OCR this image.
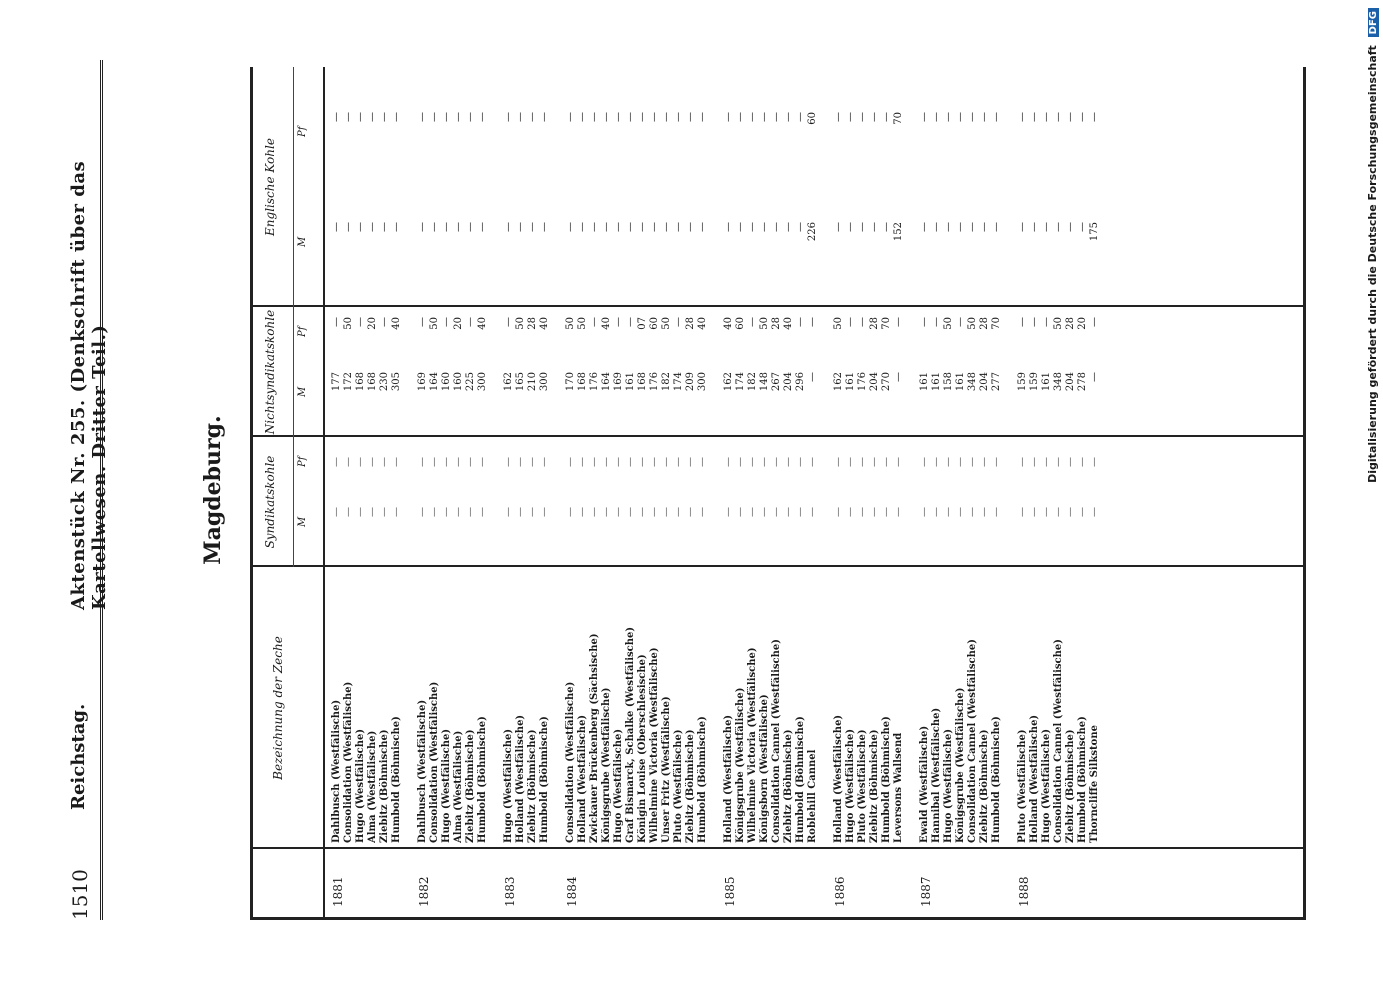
Digitalisierung gefördert durch die Deutsche Forschungsgemeinschaft DFG
1510
Reichstag.
Aktenstück Nr. 255. (Denkschrift über das Kartellwesen. Dritter Teil.)	Magdeburg.
Bezeichnung der Zeche
Syndikatskohle M
Pf
Nichtsyndikatskohle M
Pf
Englische Kohle
M
Pf
1881
Dahlbusch (Westfälische)
—
—
177
—
—
—
Consolidation (Westfälische)
—
—
172
50
—
—
Hugo (Westfälische)
—
—
168
—
—
—
Alma (Westfälische)
—
—
168
20
—
—
Ziebitz (Böhmische)
—
—
230
—
—
—
Humbold (Böhmische)
—
—
305
40
—
—
1882
Dahlbusch (Westfälische)
—
—
169
—
—
—
Consolidation (Westfälische)
—
—
164
50
—
—
Hugo (Westfälische)
—
—
160
—
—
—
Alma (Westfälische)
—
—
160
20
—
—
Ziebitz (Böhmische)
—
—
225
—
—
—
Humbold (Böhmische)
—
—
300
40
—
—
1883
Hugo (Westfälische)
—
—
162
—
—
—
Holland (Westfälische)
—
—
165
50
—
—
Ziebitz (Böhmische)
—
—
210
28
—
—
Humbold (Böhmische)
—
—
300
40
—
—
1884
Consolidation (Westfälische)
—
—
170
50
—
—
Holland (Westfälische)
—
—
168
50
—
—
Zwickauer Brückenberg (Sächsische)
—
—
176
—
—
—
Königsgrube (Westfälische)
—
—
164
40
—
—
Hugo (Westfälische)
—
—
169
—
—
—
Graf Bismarck, Schalke (Westfälische)
—
—
161
—
—
—
Königin Louise (Oberschlesische)
—
—
168
07
—
—
Wilhelmine Victoria (Westfälische)
—
—
176
60
—
—
Unser Fritz (Westfälische)
—
—
182
50
—
—
Pluto (Westfälische)
—
—
174
—
—
—
Ziebitz (Böhmische)
—
—
209
28
—
—
Humbold (Böhmische)
—
—
300
40
—
—
1885
Holland (Westfälische)
—
—
162
40
—
—
Königsgrube (Westfälische)
—
—
174
60
—
—
Wilhelmine Victoria (Westfälische)
—
—
182
—
—
—
Königsborn (Westfälische)
—
—
148
50
—
—
Consolidation Cannel (Westfälische)
—
—
267
28
—
—
Ziebitz (Böhmische)
—
—
204
40
—
—
Humbold (Böhmische)
—
—
296
—
—
—
Roblehill Cannel
—
—
—
—
226
60
1886
Holland (Westfälische)
—
—
162
50
—
—
Hugo (Westfälische)
—
—
161
—
—
—
Pluto (Westfälische)
—
—
176
—
—
—
Ziebitz (Böhmische)
—
—
204
28
—
—
Humbold (Böhmische)
—
—
270
70
—
—
Leversons Wallsend
—
—
—
—
152
70
1887
Ewald (Westfälische)
—
—
161
—
—
—
Hannibal (Westfälische)
—
—
161
—
—
—
Hugo (Westfälische)
—
—
158
50
—
—
Königsgrube (Westfälische)
—
—
161
—
—
—
Consolidation Cannel (Westfälische)
—
—
348
50
—
—
Ziebitz (Böhmische)
—
—
204
28
—
—
Humbold (Böhmische)
—
—
277
70
—
—
1888
Pluto (Westfälische)
—
—
159
—
—
—
Holland (Westfälische)
—
—
159
—
—
—
Hugo (Westfälische)
—
—
161
—
—
—
Consolidation Cannel (Westfälische)
—
—
348
50
—
—
Ziebitz (Böhmische)
—
—
204
28
—
—
Humbold (Böhmische)
—
—
278
20
—
—
Thorncliffe Silkstone
—
—
—
—
175
—
